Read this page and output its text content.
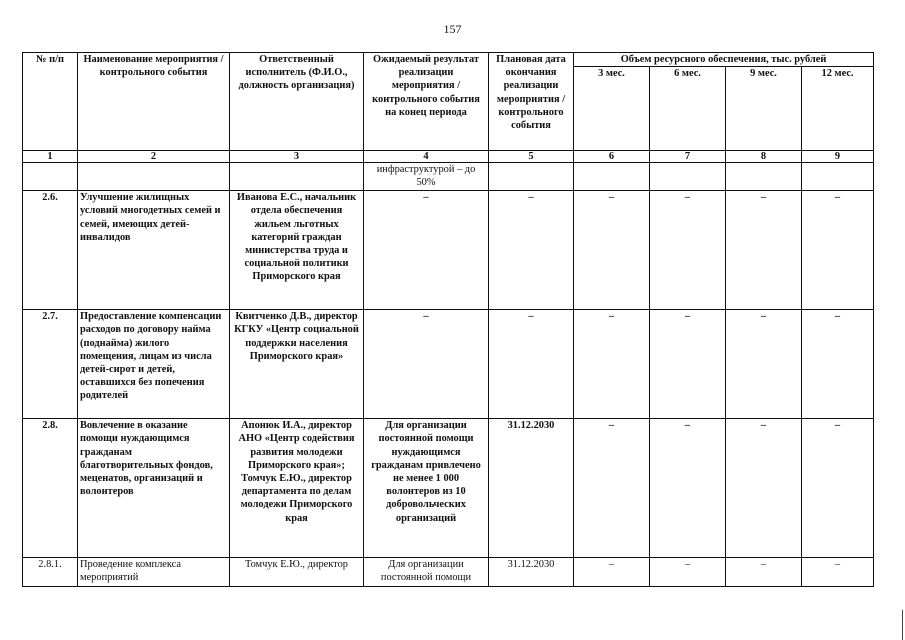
157
№ п/п	Наименование мероприятия / контрольного события	Ответственный исполнитель (Ф.И.О., должность организация)	Ожидаемый результат реализации мероприятия / контрольного события на конец периода	Плановая дата окончания реализации мероприятия / контрольного события	Объем ресурсного обеспечения, тыс. рублей			
					3 мес.	6 мес.	9 мес.	12 мес.
1	2	3	4	5	6	7	8	9
			инфраструктурой – до 50%					
2.6.	Улучшение жилищных условий многодетных семей и семей, имеющих детей-инвалидов	Иванова Е.С., начальник отдела обеспечения жильем льготных категорий граждан министерства труда и социальной политики Приморского края	–	–	–	–	–	–
2.7.	Предоставление компенсации расходов по договору найма (поднайма) жилого помещения, лицам из числа детей-сирот и детей, оставшихся без попечения родителей	Квитченко Д.В., директор КГКУ «Центр социальной поддержки населения Приморского края»	–	–	–	–	–	–
2.8.	Вовлечение в оказание помощи нуждающимся гражданам благотворительных фондов, меценатов, организаций и волонтеров	Апонюк И.А., директор АНО «Центр содействия развития молодежи Приморского края»; Томчук Е.Ю., директор департамента по делам молодежи Приморского края	Для организации постоянной помощи нуждающимся гражданам привлечено не менее 1 000 волонтеров из 10 добровольческих организаций	31.12.2030	–	–	–	–
2.8.1.	Проведение комплекса мероприятий	Томчук Е.Ю., директор	Для организации постоянной помощи	31.12.2030	–	–	–	–
